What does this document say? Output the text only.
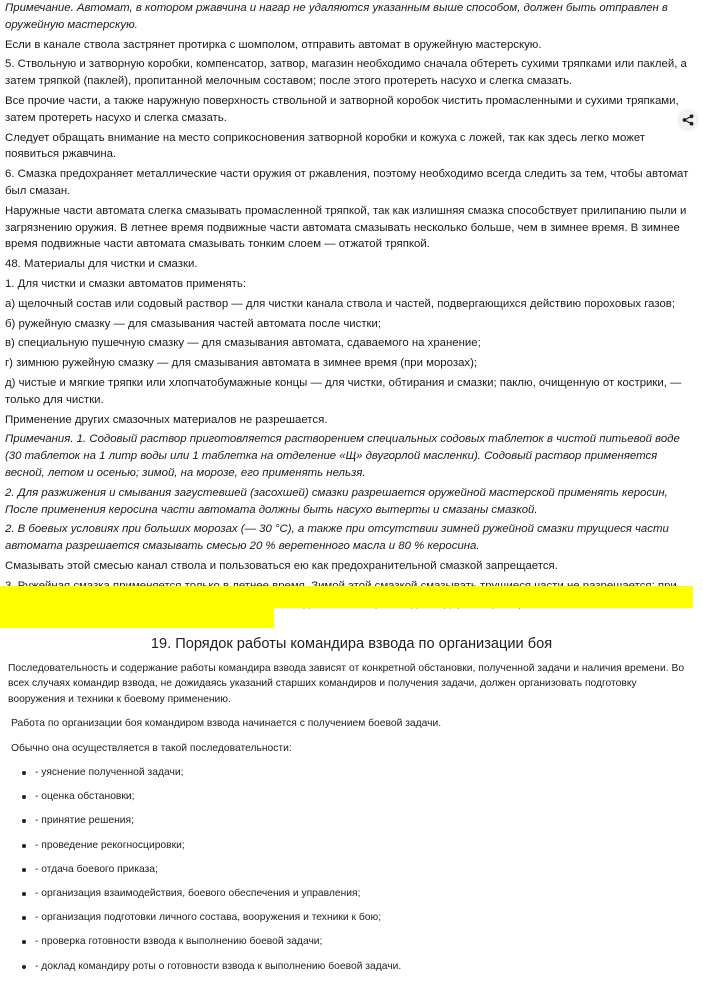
Примечание. Автомат, в котором ржавчина и нагар не удаляются указанным выше способом, должен быть отправлен в оружейную мастерскую.

Если в канале ствола застрянет протирка с шомполом, отправить автомат в оружейную мастерскую.

5. Ствольную и затворную коробки, компенсатор, затвор, магазин необходимо сначала обтереть сухими тряпками или паклей, а затем тряпкой (паклей), пропитанной мелочным составом; после этого протереть насухо и слегка смазать.

Все прочие части, а также наружную поверхность ствольной и затворной коробок чистить промасленными и сухими тряпками, затем протереть насухо и слегка смазать.

Следует обращать внимание на место соприкосновения затворной коробки и кожуха с ложей, так как здесь легко может появиться ржавчина.

6. Смазка предохраняет металлические части оружия от ржавления, поэтому необходимо всегда следить за тем, чтобы автомат был смазан.

Наружные части автомата слегка смазывать промасленной тряпкой, так как излишняя смазка способствует прилипанию пыли и загрязнению оружия. В летнее время подвижные части автомата смазывать несколько больше, чем в зимнее время. В зимнее время подвижные части автомата смазывать тонким слоем — отжатой тряпкой.

48. Материалы для чистки и смазки.

1. Для чистки и смазки автоматов применять:

а) щелочный состав или содовый раствор — для чистки канала ствола и частей, подвергающихся действию пороховых газов;

б) ружейную смазку — для смазывания частей автомата после чистки;

в) специальную пушечную смазку — для смазывания автомата, сдаваемого на хранение;

г) зимнюю ружейную смазку — для смазывания автомата в зимнее время (при морозах);

д) чистые и мягкие тряпки или хлопчатобумажные концы — для чистки, обтирания и смазки; паклю, очищенную от кострики, — только для чистки.

Применение других смазочных материалов не разрешается.

Примечания. 1. Содовый раствор приготовляется растворением специальных содовых таблеток в чистой питьевой воде (30 таблеток на 1 литр воды или 1 таблетка на отделение «Щ» двугорлой масленки). Содовый раствор применяется весной, летом и осенью; зимой, на морозе, его применять нельзя.

2. Для разжижения и смывания загустевшей (засохшей) смазки разрешается оружейной мастерской применять керосин, После применения керосина части автомата должны быть насухо вытерты и смазаны смазкой.

2. В боевых условиях при больших морозах (— 30 °С), а также при отсутствии зимней ружейной смазки трущиеся части автомата разрешается смазывать смесью 20 % веретенного масла и 80 % керосина.

Смазывать этой смесью канал ствола и пользоваться ею как предохранительной смазкой запрещается.

19. Порядок работы командира взвода по организации боя

Последовательность и содержание работы командира взвода зависят от конкретной обстановки, полученной задачи и наличия времени. Во всех случаях командир взвода, не дожидаясь указаний старших командиров и получения задачи, должен организовать подготовку вооружения и техники к боевому применению.

Работа по организации боя командиром взвода начинается с получением боевой задачи.

Обычно она осуществляется в такой последовательности:

- уяснение полученной задачи;
- оценка обстановки;
- принятие решения;
- проведение рекогносцировки;
- отдача боевого приказа;
- организация взаимодействия, боевого обеспечения и управления;
- организация подготовки личного состава, вооружения и техники к бою;
- проверка готовности взвода к выполнению боевой задачи;
- доклад командиру роты о готовности взвода к выполнению боевой задачи.
